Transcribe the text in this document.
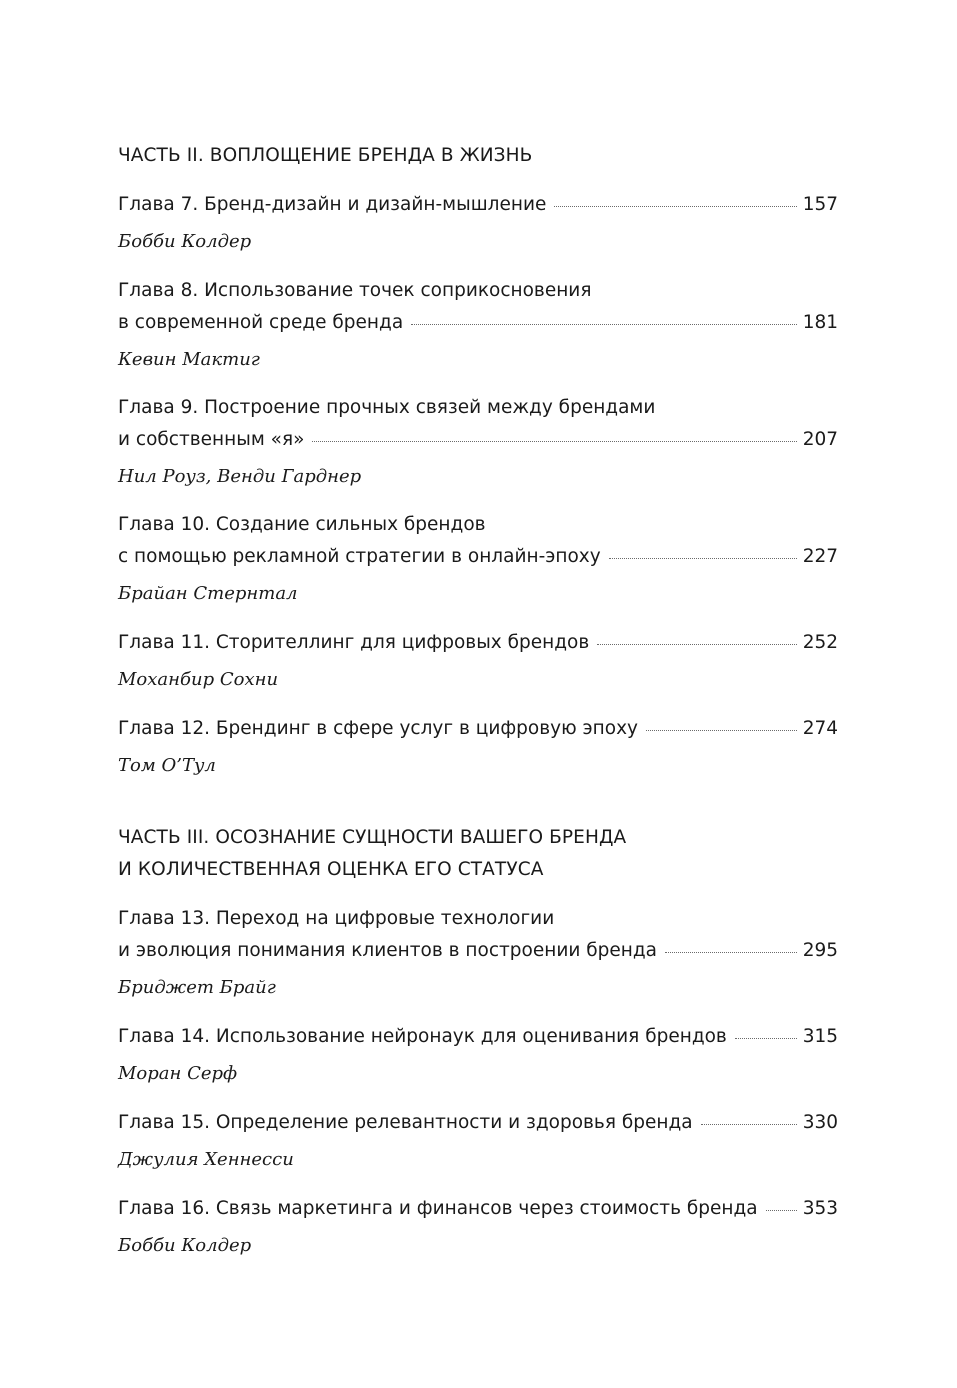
ЧАСТЬ II. ВОПЛОЩЕНИЕ БРЕНДА В ЖИЗНЬ
Глава 7. Бренд-дизайн и дизайн-мышление	157
Бобби Колдер
Глава 8. Использование точек соприкосновения
в современной среде бренда	181
Кевин Мактиг
Глава 9. Построение прочных связей между брендами
и собственным «я»	207
Нил Роуз, Венди Гарднер
Глава 10. Создание сильных брендов
с помощью рекламной стратегии в онлайн-эпоху	227
Брайан Стернтал
Глава 11. Сторителлинг для цифровых брендов	252
Моханбир Сохни
Глава 12. Брендинг в сфере услуг в цифровую эпоху	274
Том О’Тул
ЧАСТЬ III. ОСОЗНАНИЕ СУЩНОСТИ ВАШЕГО БРЕНДА
И КОЛИЧЕСТВЕННАЯ ОЦЕНКА ЕГО СТАТУСА
Глава 13. Переход на цифровые технологии
и эволюция понимания клиентов в построении бренда	295
Бриджет Брайг
Глава 14. Использование нейронаук для оценивания брендов	315
Моран Серф
Глава 15. Определение релевантности и здоровья бренда	330
Джулия Хеннесси
Глава 16. Связь маркетинга и финансов через стоимость бренда 353
Бобби Колдер
